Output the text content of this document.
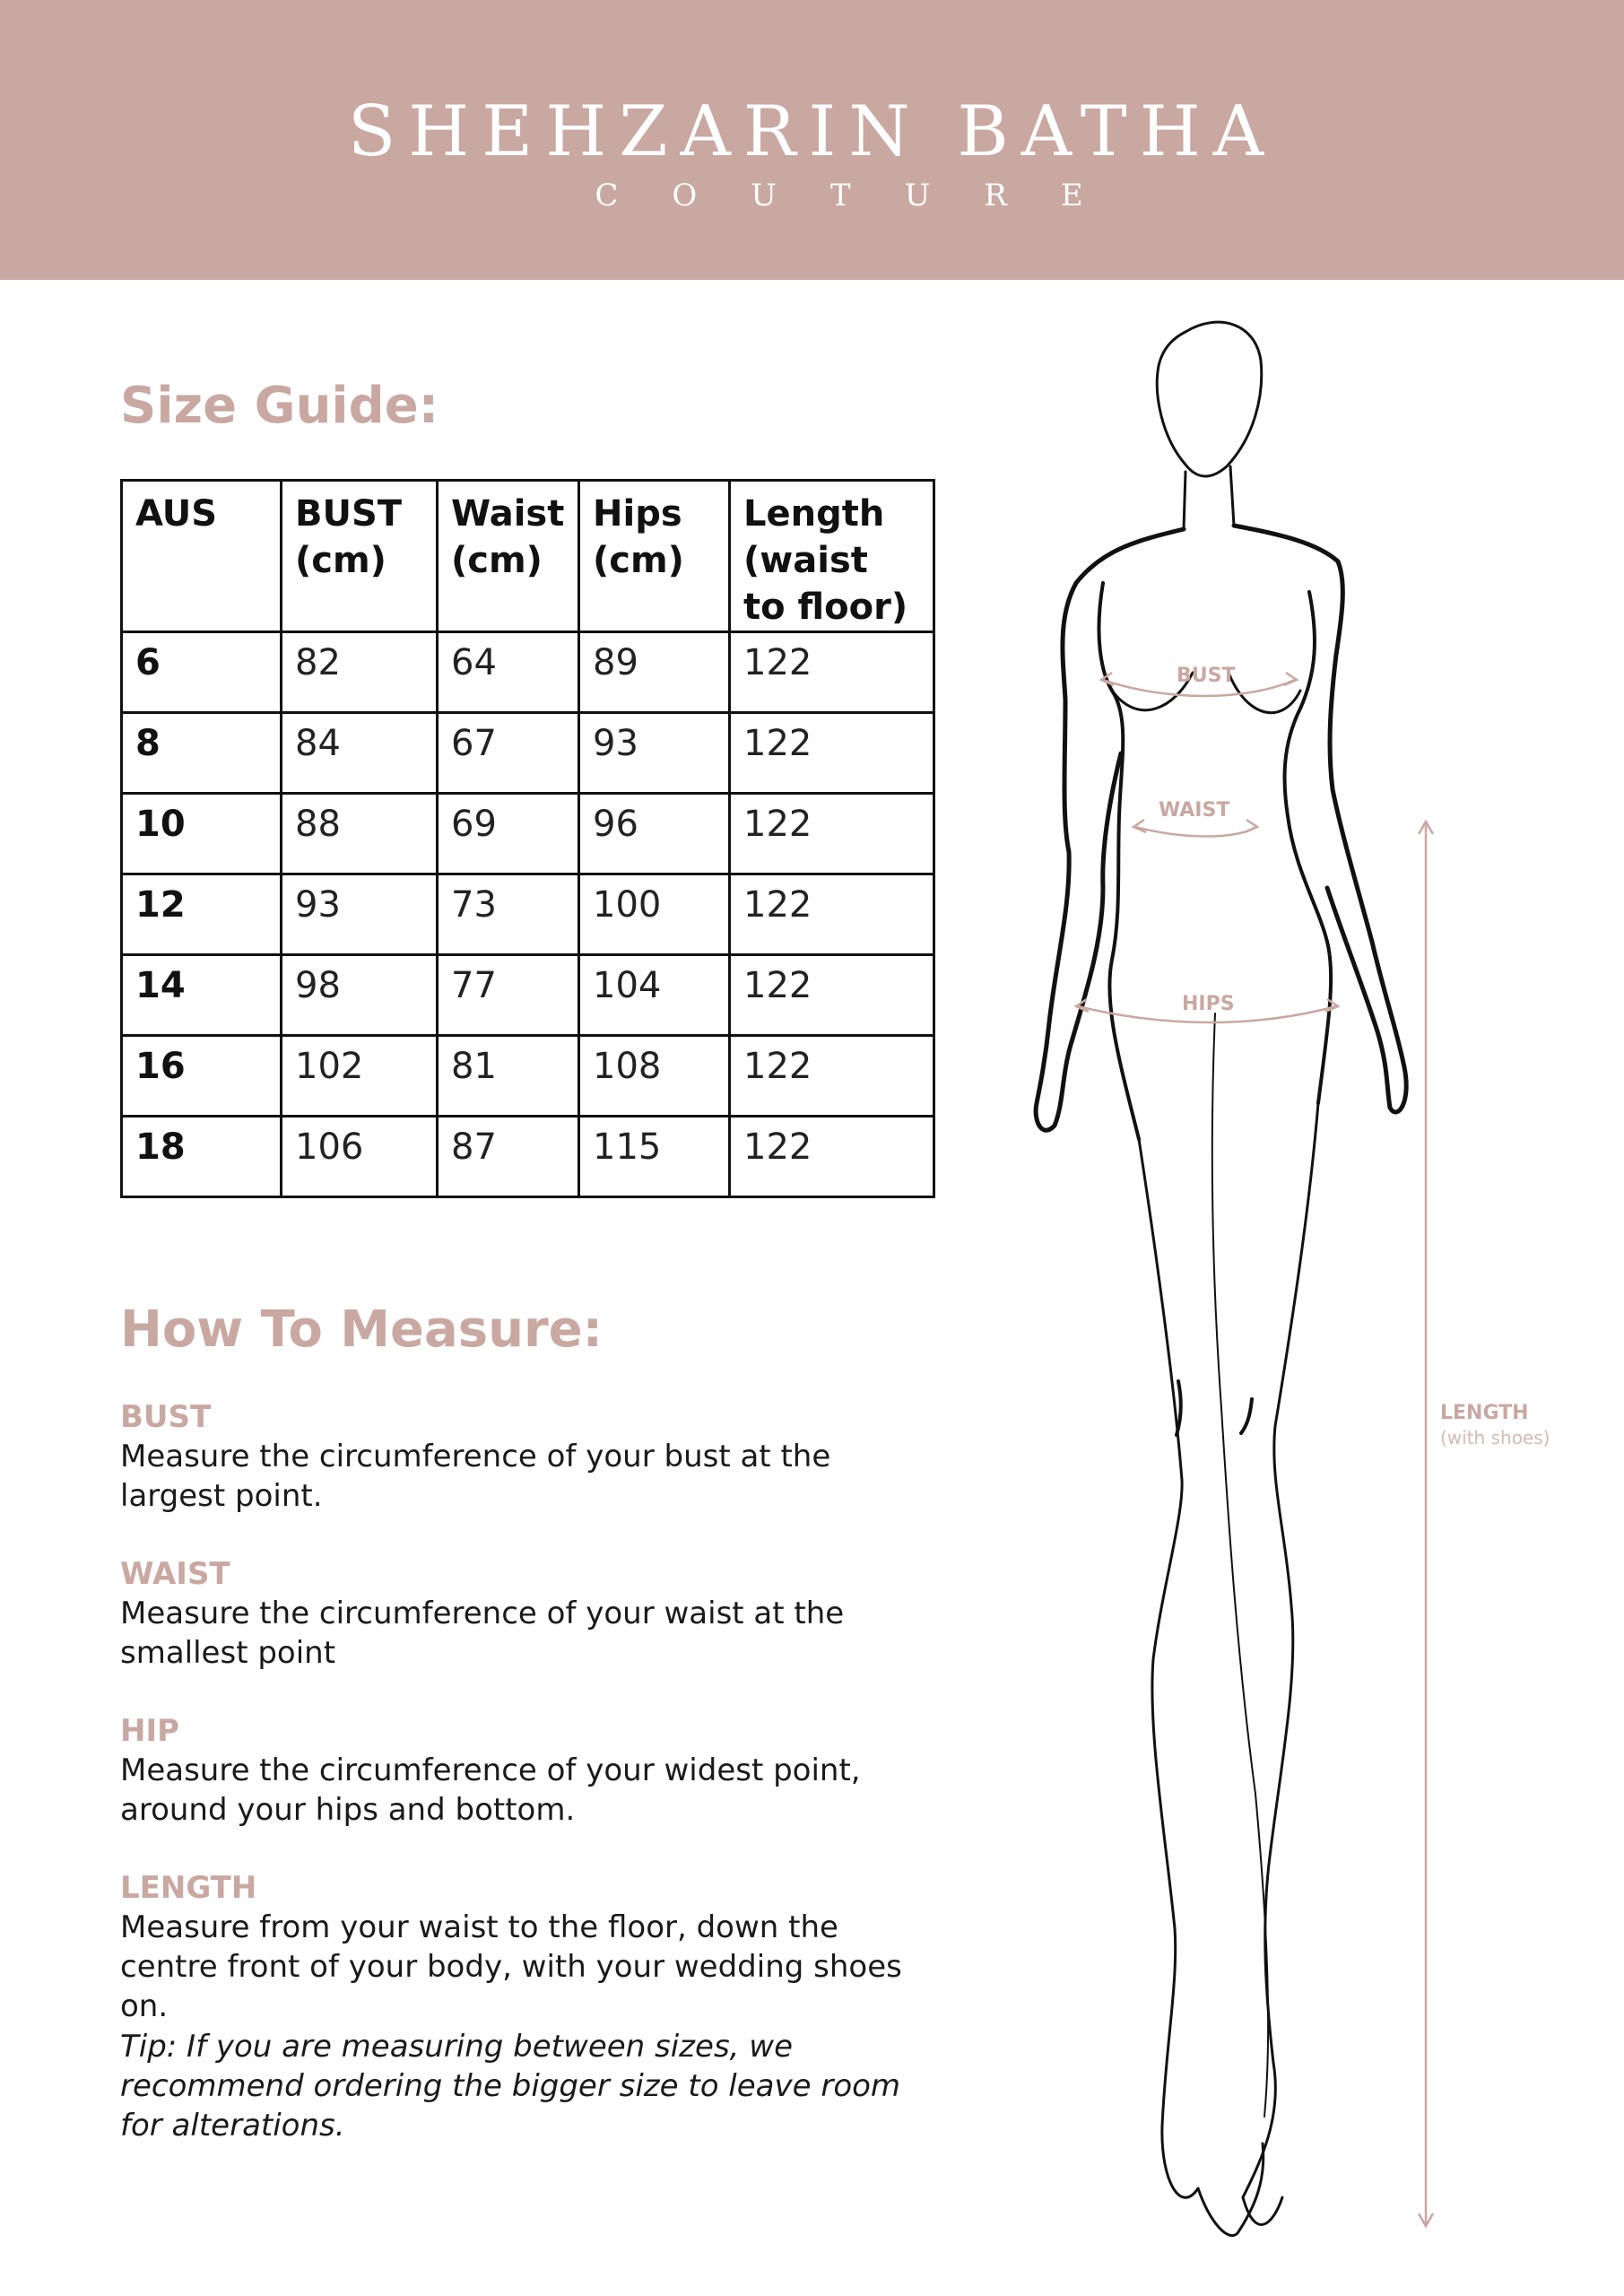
SHEHZARIN BATHA
COUTURE
Size Guide:
AUS	BUST (cm)	Waist (cm)	Hips (cm)	Length (waist to floor)
6	82	64	89	122
8	84	67	93	122
10	88	69	96	122
12	93	73	100	122
14	98	77	104	122
16	102	81	108	122
18	106	87	115	122
How To Measure:
BUST
Measure the circumference of your bust at the largest point.
WAIST
Measure the circumference of your waist at the smallest point
HIP
Measure the circumference of your widest point, around your hips and bottom.
LENGTH
Measure from your waist to the floor, down the centre front of your body, with your wedding shoes on.
Tip: If you are measuring between sizes, we recommend ordering the bigger size to leave room for alterations.
BUST
WAIST
HIPS
LENGTH
(with shoes)
